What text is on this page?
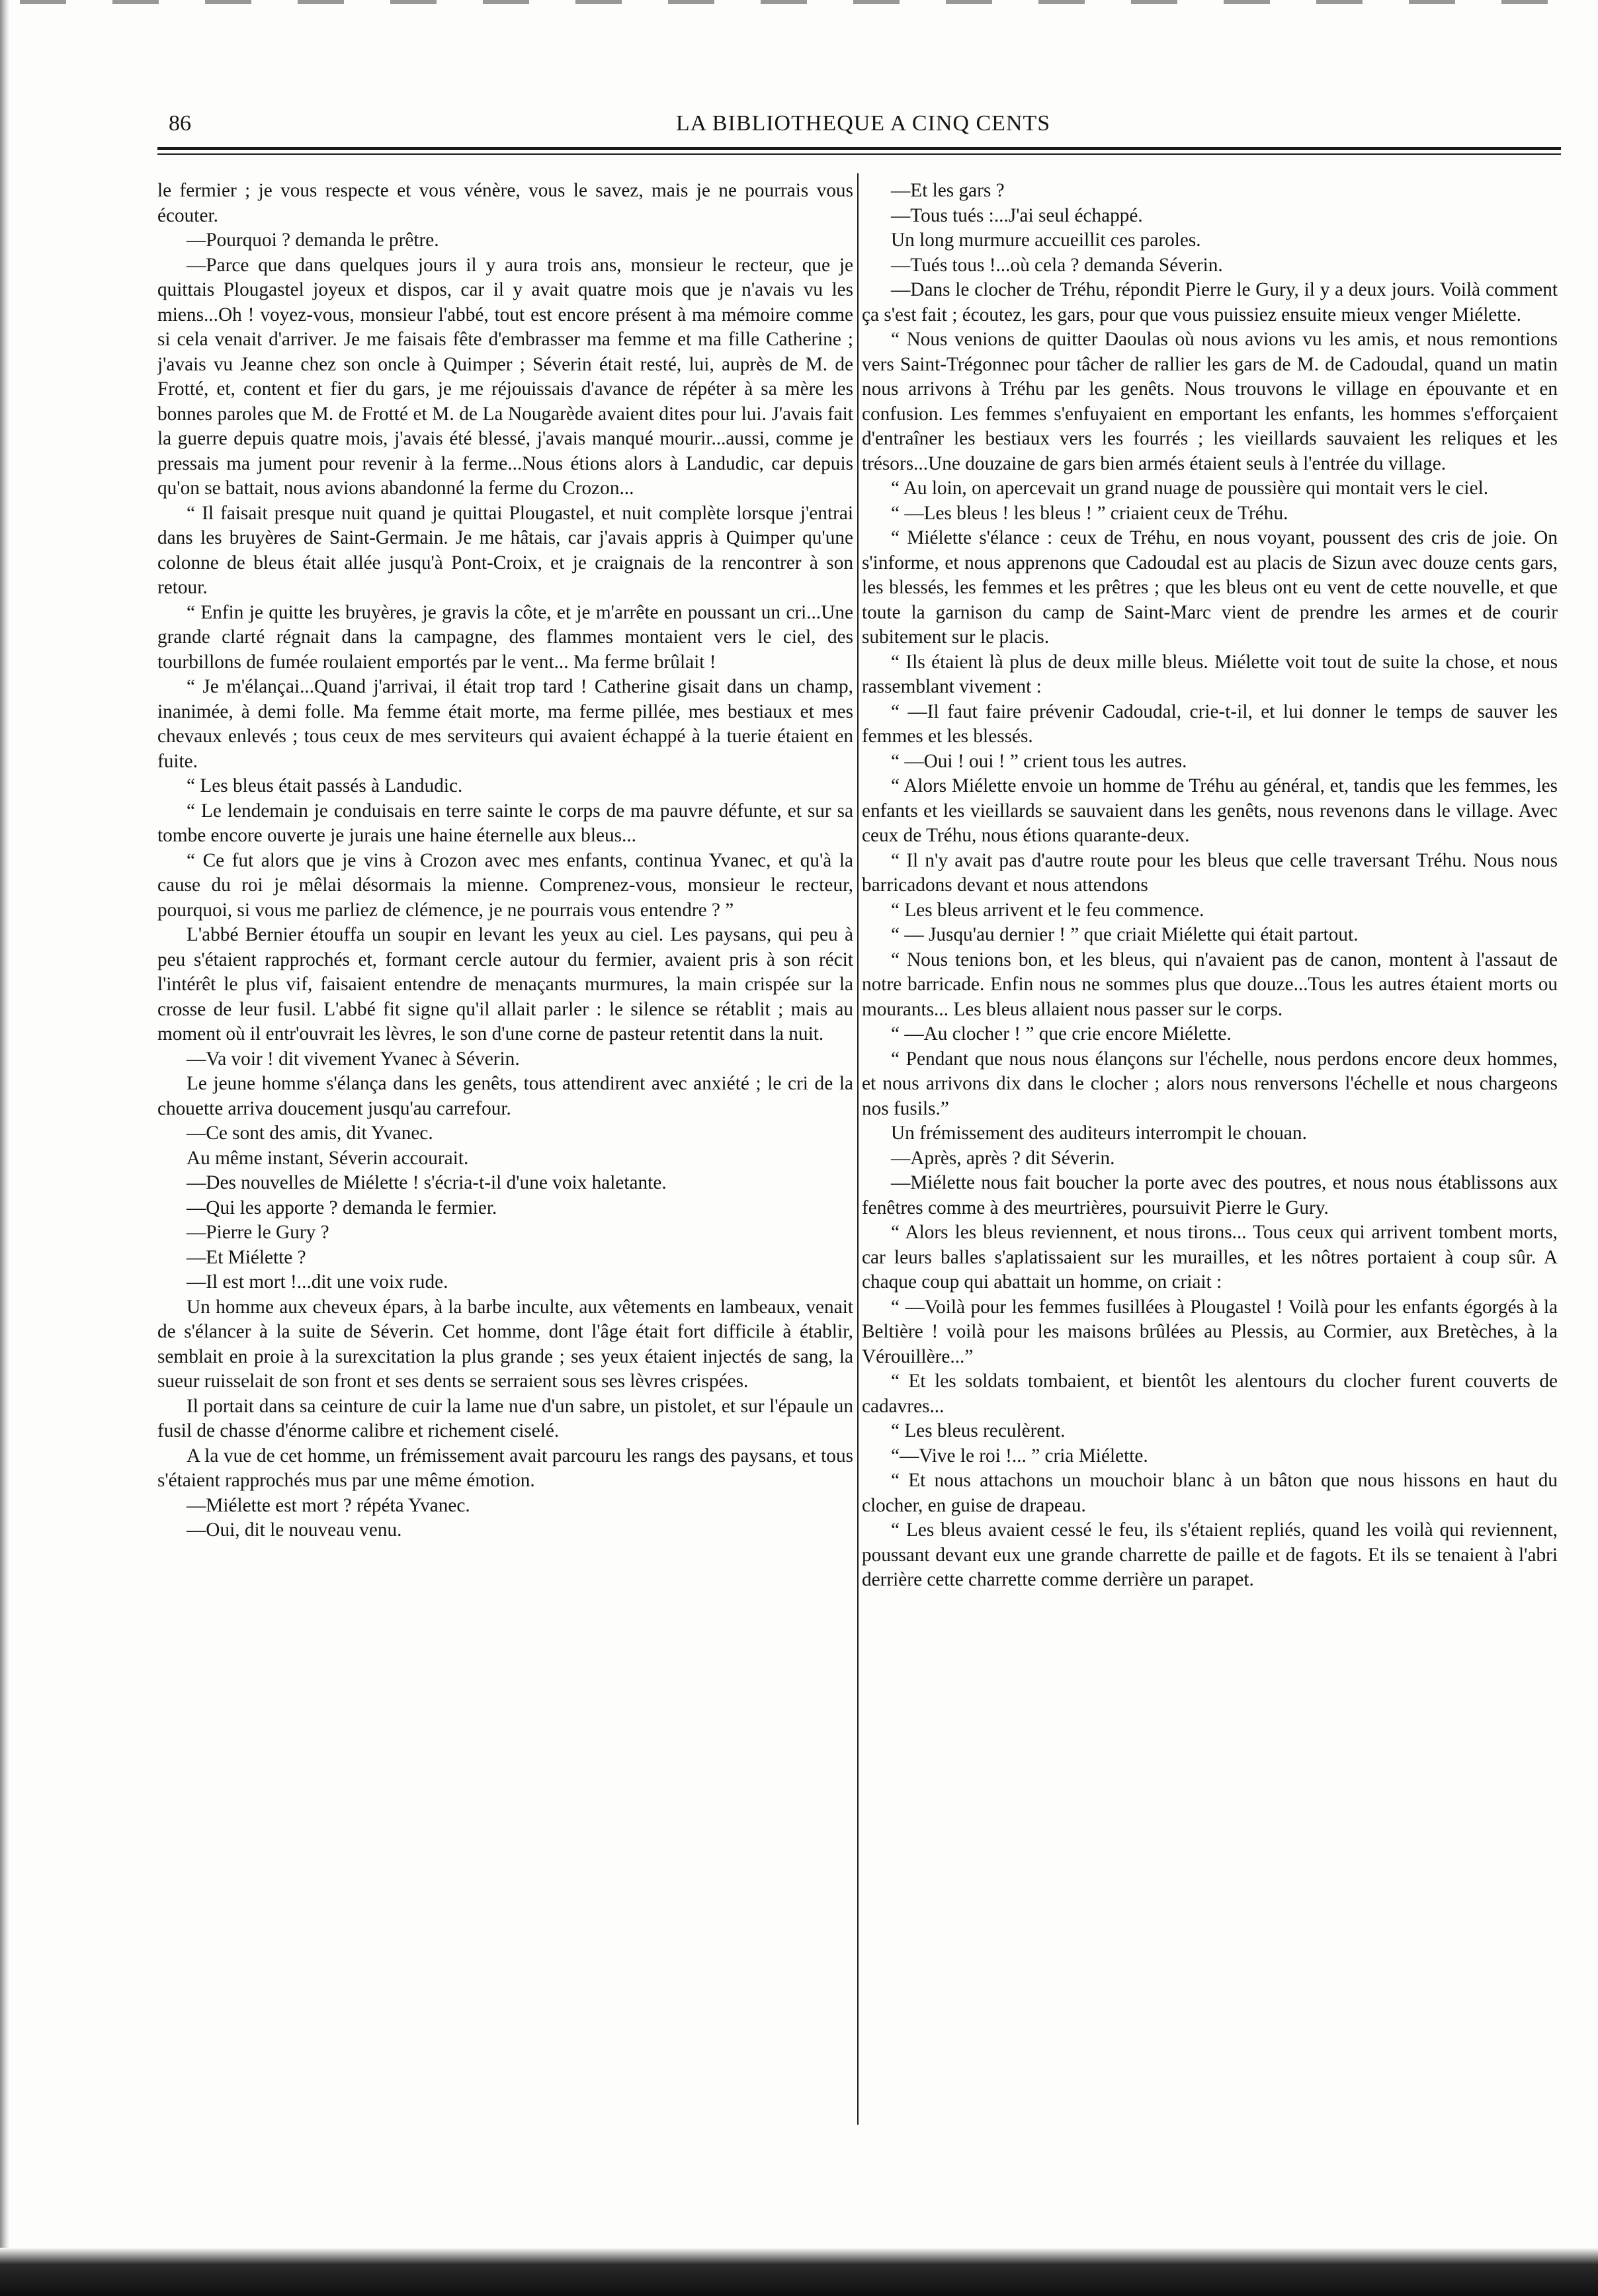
86	LA BIBLIOTHEQUE A CINQ CENTS

le fermier ; je vous respecte et vous vénère, vous le savez, mais je ne pourrais vous écouter.

—Pourquoi ? demanda le prêtre.

—Parce que dans quelques jours il y aura trois ans, monsieur le recteur, que je quittais Plougastel joyeux et dispos, car il y avait quatre mois que je n'avais vu les miens...Oh ! voyez-vous, monsieur l'abbé, tout est encore présent à ma mémoire comme si cela venait d'arriver. Je me faisais fête d'embrasser ma femme et ma fille Catherine ; j'avais vu Jeanne chez son oncle à Quimper ; Séverin était resté, lui, auprès de M. de Frotté, et, content et fier du gars, je me réjouissais d'avance de répéter à sa mère les bonnes paroles que M. de Frotté et M. de La Nougarède avaient dites pour lui. J'avais fait la guerre depuis quatre mois, j'avais été blessé, j'avais manqué mourir...aussi, comme je pressais ma jument pour revenir à la ferme...Nous étions alors à Landudic, car depuis qu'on se battait, nous avions abandonné la ferme du Crozon...

“ Il faisait presque nuit quand je quittai Plougastel, et nuit complète lorsque j'entrai dans les bruyères de Saint-Germain. Je me hâtais, car j'avais appris à Quimper qu'une colonne de bleus était allée jusqu'à Pont-Croix, et je craignais de la rencontrer à son retour.

“ Enfin je quitte les bruyères, je gravis la côte, et je m'arrête en poussant un cri...Une grande clarté régnait dans la campagne, des flammes montaient vers le ciel, des tourbillons de fumée roulaient emportés par le vent... Ma ferme brûlait !

“ Je m'élançai...Quand j'arrivai, il était trop tard ! Catherine gisait dans un champ, inanimée, à demi folle. Ma femme était morte, ma ferme pillée, mes bestiaux et mes chevaux enlevés ; tous ceux de mes serviteurs qui avaient échappé à la tuerie étaient en fuite.

“ Les bleus était passés à Landudic.

“ Le lendemain je conduisais en terre sainte le corps de ma pauvre défunte, et sur sa tombe encore ouverte je jurais une haine éternelle aux bleus...

“ Ce fut alors que je vins à Crozon avec mes enfants, continua Yvanec, et qu'à la cause du roi je mêlai désormais la mienne. Comprenez-vous, monsieur le recteur, pourquoi, si vous me parliez de clémence, je ne pourrais vous entendre ? ”

L'abbé Bernier étouffa un soupir en levant les yeux au ciel. Les paysans, qui peu à peu s'étaient rapprochés et, formant cercle autour du fermier, avaient pris à son récit l'intérêt le plus vif, faisaient entendre de menaçants murmures, la main crispée sur la crosse de leur fusil. L'abbé fit signe qu'il allait parler : le silence se rétablit ; mais au moment où il entr'ouvrait les lèvres, le son d'une corne de pasteur retentit dans la nuit.

—Va voir ! dit vivement Yvanec à Séverin.

Le jeune homme s'élança dans les genêts, tous attendirent avec anxiété ; le cri de la chouette arriva doucement jusqu'au carrefour.

—Ce sont des amis, dit Yvanec.

Au même instant, Séverin accourait.

—Des nouvelles de Miélette ! s'écria-t-il d'une voix haletante.

—Qui les apporte ? demanda le fermier.

—Pierre le Gury ?

—Et Miélette ?

—Il est mort !...dit une voix rude.

Un homme aux cheveux épars, à la barbe inculte, aux vêtements en lambeaux, venait de s'élancer à la suite de Séverin. Cet homme, dont l'âge était fort difficile à établir, semblait en proie à la surexcitation la plus grande ; ses yeux étaient injectés de sang, la sueur ruisselait de son front et ses dents se serraient sous ses lèvres crispées.

Il portait dans sa ceinture de cuir la lame nue d'un sabre, un pistolet, et sur l'épaule un fusil de chasse d'énorme calibre et richement ciselé.

A la vue de cet homme, un frémissement avait parcouru les rangs des paysans, et tous s'étaient rapprochés mus par une même émotion.

—Miélette est mort ? répéta Yvanec.

—Oui, dit le nouveau venu.

—Et les gars ?

—Tous tués :...J'ai seul échappé.

Un long murmure accueillit ces paroles.

—Tués tous !...où cela ? demanda Séverin.

—Dans le clocher de Tréhu, répondit Pierre le Gury, il y a deux jours. Voilà comment ça s'est fait ; écoutez, les gars, pour que vous puissiez ensuite mieux venger Miélette.

“ Nous venions de quitter Daoulas où nous avions vu les amis, et nous remontions vers Saint-Trégonnec pour tâcher de rallier les gars de M. de Cadoudal, quand un matin nous arrivons à Tréhu par les genêts. Nous trouvons le village en épouvante et en confusion. Les femmes s'enfuyaient en emportant les enfants, les hommes s'efforçaient d'entraîner les bestiaux vers les fourrés ; les vieillards sauvaient les reliques et les trésors...Une douzaine de gars bien armés étaient seuls à l'entrée du village.

“ Au loin, on apercevait un grand nuage de poussière qui montait vers le ciel.

“ —Les bleus ! les bleus ! ” criaient ceux de Tréhu.

“ Miélette s'élance : ceux de Tréhu, en nous voyant, poussent des cris de joie. On s'informe, et nous apprenons que Cadoudal est au placis de Sizun avec douze cents gars, les blessés, les femmes et les prêtres ; que les bleus ont eu vent de cette nouvelle, et que toute la garnison du camp de Saint-Marc vient de prendre les armes et de courir subitement sur le placis.

“ Ils étaient là plus de deux mille bleus. Miélette voit tout de suite la chose, et nous rassemblant vivement :

“ —Il faut faire prévenir Cadoudal, crie-t-il, et lui donner le temps de sauver les femmes et les blessés.

“ —Oui ! oui ! ” crient tous les autres.

“ Alors Miélette envoie un homme de Tréhu au général, et, tandis que les femmes, les enfants et les vieillards se sauvaient dans les genêts, nous revenons dans le village. Avec ceux de Tréhu, nous étions quarante-deux.

“ Il n'y avait pas d'autre route pour les bleus que celle traversant Tréhu. Nous nous barricadons devant et nous attendons

“ Les bleus arrivent et le feu commence.

“ — Jusqu'au dernier ! ” que criait Miélette qui était partout.

“ Nous tenions bon, et les bleus, qui n'avaient pas de canon, montent à l'assaut de notre barricade. Enfin nous ne sommes plus que douze...Tous les autres étaient morts ou mourants... Les bleus allaient nous passer sur le corps.

“ —Au clocher ! ” que crie encore Miélette.

“ Pendant que nous nous élançons sur l'échelle, nous perdons encore deux hommes, et nous arrivons dix dans le clocher ; alors nous renversons l'échelle et nous chargeons nos fusils.”

Un frémissement des auditeurs interrompit le chouan.

—Après, après ? dit Séverin.

—Miélette nous fait boucher la porte avec des poutres, et nous nous établissons aux fenêtres comme à des meurtrières, poursuivit Pierre le Gury.

“ Alors les bleus reviennent, et nous tirons... Tous ceux qui arrivent tombent morts, car leurs balles s'aplatissaient sur les murailles, et les nôtres portaient à coup sûr. A chaque coup qui abattait un homme, on criait :

“ —Voilà pour les femmes fusillées à Plougastel ! Voilà pour les enfants égorgés à la Beltière ! voilà pour les maisons brûlées au Plessis, au Cormier, aux Bretèches, à la Vérouillère...”

“ Et les soldats tombaient, et bientôt les alentours du clocher furent couverts de cadavres...

“ Les bleus reculèrent.

“—Vive le roi !... ” cria Miélette.

“ Et nous attachons un mouchoir blanc à un bâton que nous hissons en haut du clocher, en guise de drapeau.

“ Les bleus avaient cessé le feu, ils s'étaient repliés, quand les voilà qui reviennent, poussant devant eux une grande charrette de paille et de fagots. Et ils se tenaient à l'abri derrière cette charrette comme derrière un parapet.
